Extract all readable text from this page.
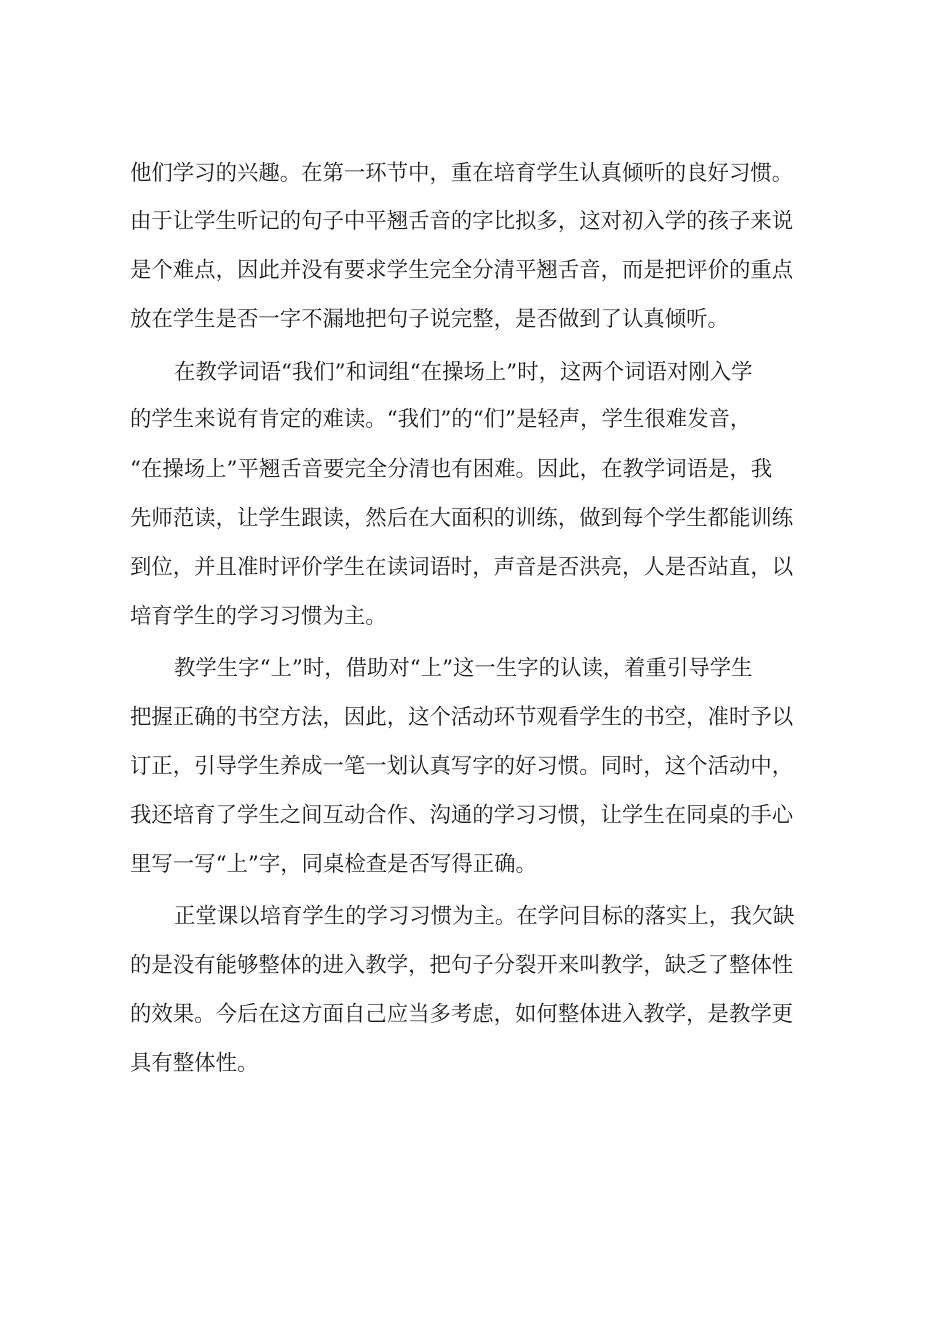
他们学习的兴趣。在第一环节中，重在培育学生认真倾听的良好习惯。
由于让学生听记的句子中平翘舌音的字比拟多，这对初入学的孩子来说
是个难点，因此并没有要求学生完全分清平翘舌音，而是把评价的重点
放在学生是否一字不漏地把句子说完整，是否做到了认真倾听。
在教学词语“我们”和词组“在操场上”时，这两个词语对刚入学
的学生来说有肯定的难读。“我们”的“们”是轻声，学生很难发音，
“在操场上”平翘舌音要完全分清也有困难。因此，在教学词语是，我
先师范读，让学生跟读，然后在大面积的训练，做到每个学生都能训练
到位，并且准时评价学生在读词语时，声音是否洪亮，人是否站直，以
培育学生的学习习惯为主。
教学生字“上”时，借助对“上”这一生字的认读，着重引导学生
把握正确的书空方法，因此，这个活动环节观看学生的书空，准时予以
订正，引导学生养成一笔一划认真写字的好习惯。同时，这个活动中，
我还培育了学生之间互动合作、沟通的学习习惯，让学生在同桌的手心
里写一写“上”字，同桌检查是否写得正确。
正堂课以培育学生的学习习惯为主。在学问目标的落实上，我欠缺
的是没有能够整体的进入教学，把句子分裂开来叫教学，缺乏了整体性
的效果。今后在这方面自己应当多考虑，如何整体进入教学，是教学更
具有整体性。
